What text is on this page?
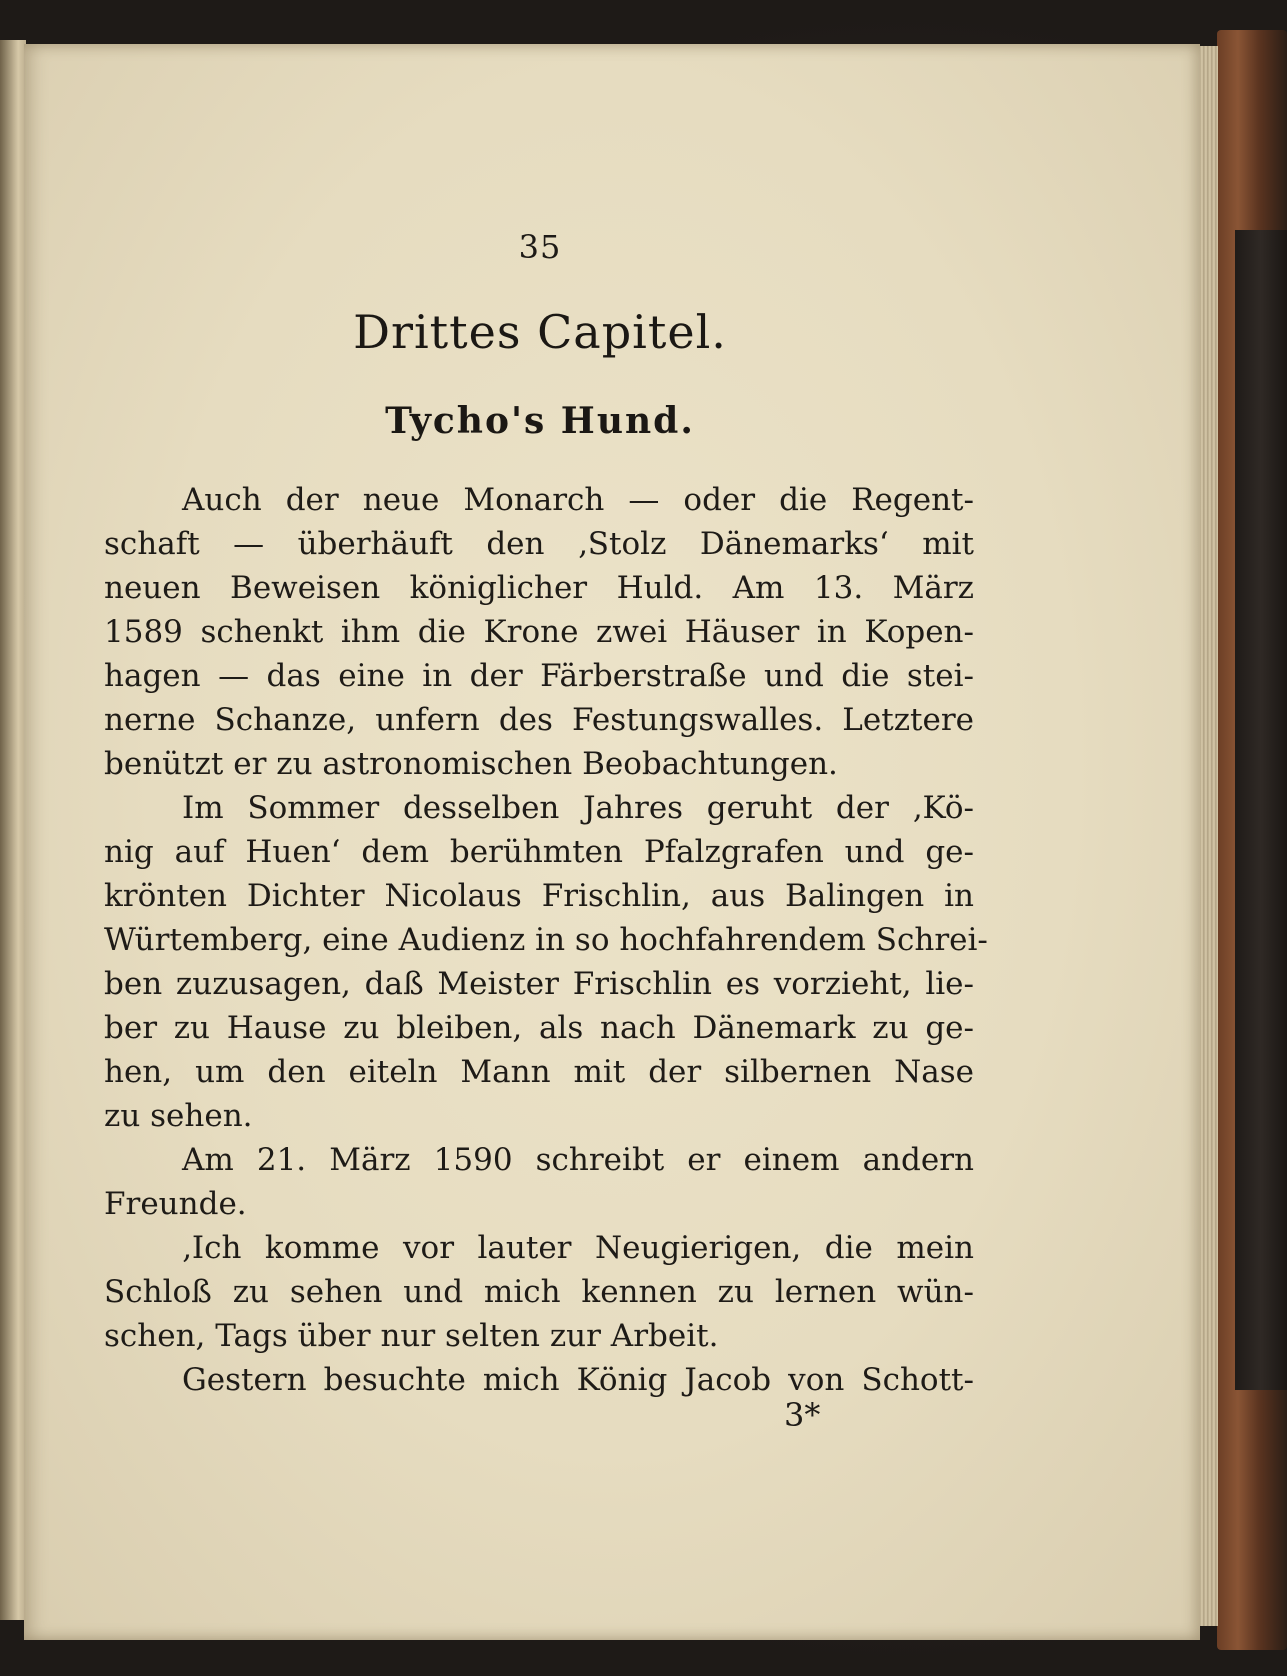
35
Drittes Capitel.
Tycho's Hund.
Auch der neue Monarch — oder die Regent-
schaft — überhäuft den ‚Stolz Dänemarks‘ mit
neuen Beweisen königlicher Huld. Am 13. März
1589 schenkt ihm die Krone zwei Häuser in Kopen-
hagen — das eine in der Färberstraße und die stei-
nerne Schanze, unfern des Festungswalles. Letztere
benützt er zu astronomischen Beobachtungen.
Im Sommer desselben Jahres geruht der ‚Kö-
nig auf Huen‘ dem berühmten Pfalzgrafen und ge-
krönten Dichter Nicolaus Frischlin, aus Balingen in
Würtemberg, eine Audienz in so hochfahrendem Schrei-
ben zuzusagen, daß Meister Frischlin es vorzieht, lie-
ber zu Hause zu bleiben, als nach Dänemark zu ge-
hen, um den eiteln Mann mit der silbernen Nase
zu sehen.
Am 21. März 1590 schreibt er einem andern
Freunde.
‚Ich komme vor lauter Neugierigen, die mein
Schloß zu sehen und mich kennen zu lernen wün-
schen, Tags über nur selten zur Arbeit.
Gestern besuchte mich König Jacob von Schott-
3*
